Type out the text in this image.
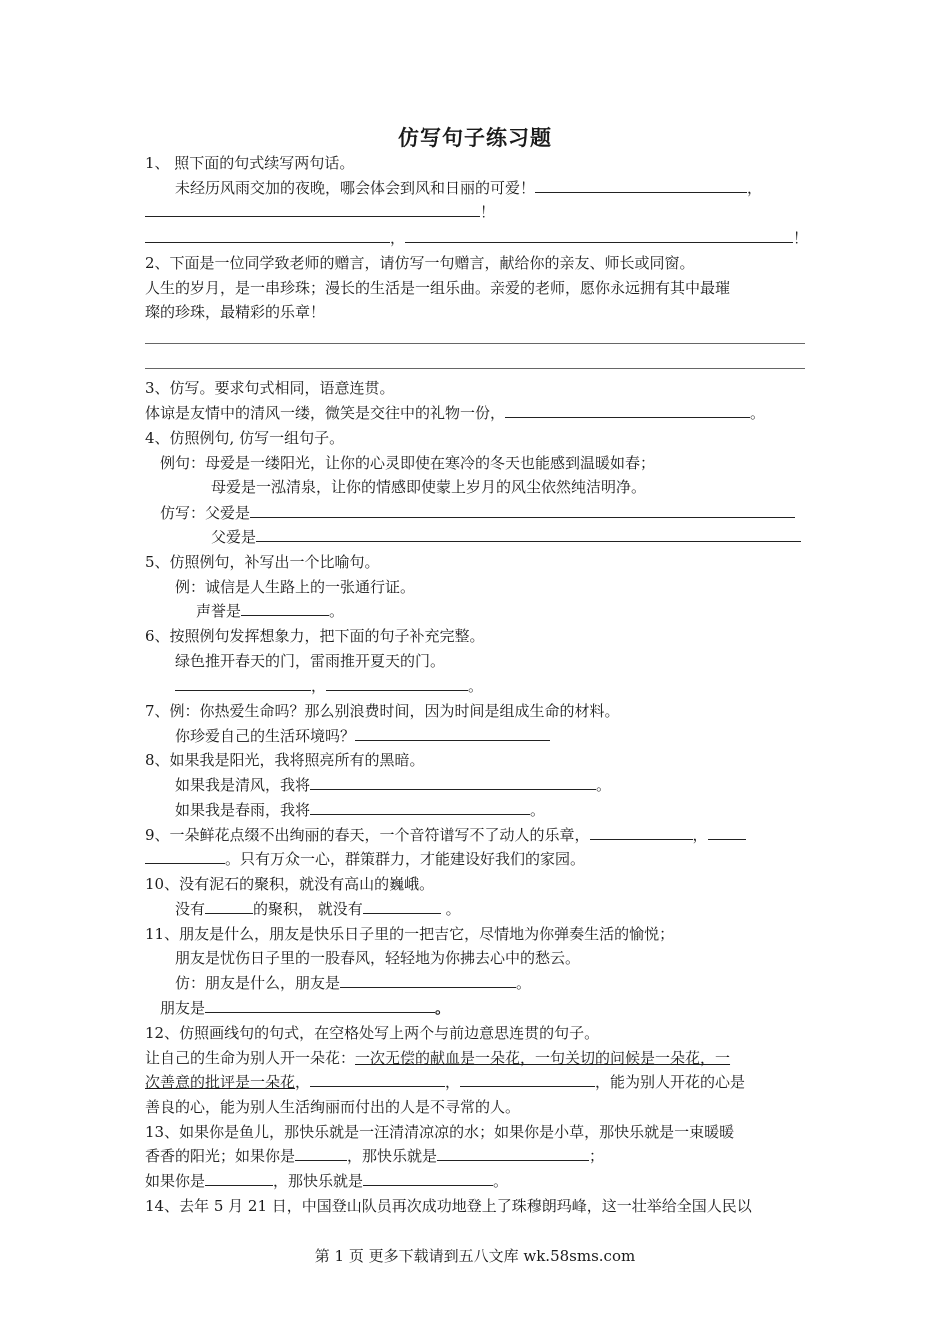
仿写句子练习题
1、 照下面的句式续写两句话。
未经历风雨交加的夜晚，哪会体会到风和日丽的可爱！	，
！
，	！
2、下面是一位同学致老师的赠言，请仿写一句赠言，献给你的亲友、师长或同窗。
人生的岁月，是一串珍珠；漫长的生活是一组乐曲。亲爱的老师，愿你永远拥有其中最璀
璨的珍珠，最精彩的乐章！
3、仿写。要求句式相同，语意连贯。
体谅是友情中的清风一缕，微笑是交往中的礼物一份，	。
4、仿照例句, 仿写一组句子。
例句：母爱是一缕阳光，让你的心灵即使在寒冷的冬天也能感到温暖如春；
母爱是一泓清泉，让你的情感即使蒙上岁月的风尘依然纯洁明净。
仿写：父爱是
父爱是
5、仿照例句，补写出一个比喻句。
例：诚信是人生路上的一张通行证。
声誉是	。
6、按照例句发挥想象力，把下面的句子补充完整。
绿色推开春天的门，雷雨推开夏天的门。
，	。
7、例：你热爱生命吗？那么别浪费时间，因为时间是组成生命的材料。
你珍爱自己的生活环境吗？
8、如果我是阳光，我将照亮所有的黑暗。
如果我是清风，我将	。
如果我是春雨，我将	。
9、一朵鲜花点缀不出绚丽的春天，一个音符谱写不了动人的乐章，	，
。只有万众一心，群策群力，才能建设好我们的家园。
10、没有泥石的聚积，就没有高山的巍峨。
没有	的聚积， 就没有	。
11、朋友是什么，朋友是快乐日子里的一把吉它，尽情地为你弹奏生活的愉悦；
朋友是忧伤日子里的一股春风，轻轻地为你拂去心中的愁云。
仿：朋友是什么，朋友是	。
朋友是	。
12、仿照画线句的句式，在空格处写上两个与前边意思连贯的句子。
让自己的生命为别人开一朵花：一次无偿的献血是一朵花，一句关切的问候是一朵花，一
次善意的批评是一朵花，	，	，能为别人开花的心是
善良的心，能为别人生活绚丽而付出的人是不寻常的人。
13、如果你是鱼儿，那快乐就是一汪清清凉凉的水；如果你是小草，那快乐就是一束暖暖
香香的阳光；如果你是	，那快乐就是	；
如果你是	，那快乐就是	。
14、去年 5 月 21 日，中国登山队员再次成功地登上了珠穆朗玛峰，这一壮举给全国人民以
第 1 页 更多下载请到五八文库 wk.58sms.com
